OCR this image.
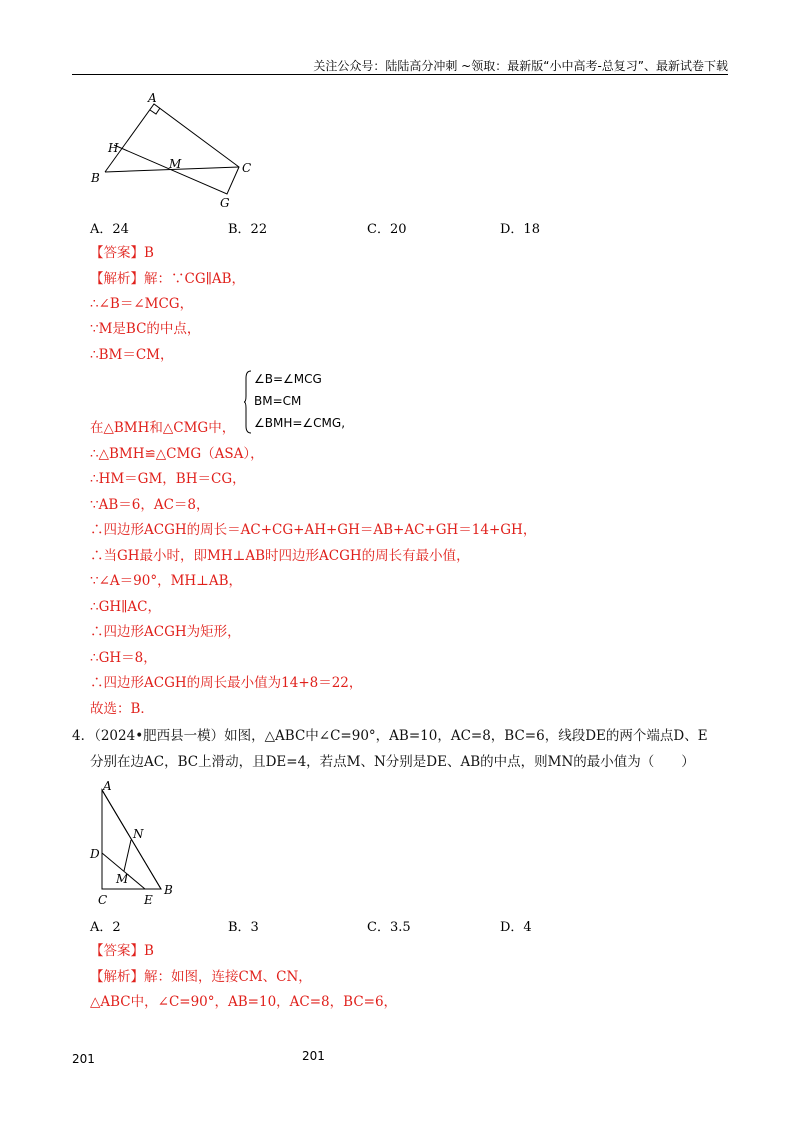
关注公众号：陆陆高分冲刺 ~领取：最新版“小中高考-总复习”、最新试卷下载
A
H
M	C
B
G
A．24	B．22	C．20	D．18
【答案】B
【解析】解：∵CG∥AB，
∴∠B＝∠MCG，
∵M是BC的中点，
∴BM＝CM，
∠B=∠MCG
BM=CM
∠BMH=∠CMG,
在△BMH和△CMG中，
∴△BMH≌△CMG（ASA），
∴HM＝GM，BH＝CG，
∵AB＝6，AC＝8，
∴四边形ACGH的周长＝AC+CG+AH+GH＝AB+AC+GH＝14+GH，
∴当GH最小时，即MH⊥AB时四边形ACGH的周长有最小值，
∵∠A＝90°，MH⊥AB，
∴GH∥AC，
∴四边形ACGH为矩形，
∴GH＝8，
∴四边形ACGH的周长最小值为14+8＝22，
故选：B．
4．（2024•肥西县一模）如图，△ABC中∠C=90°，AB=10，AC=8，BC=6，线段DE的两个端点D、E
分别在边AC，BC上滑动，且DE=4，若点M、N分别是DE、AB的中点，则MN的最小值为（　　）
A
N
D
M
C	E
B
A．2	B．3	C．3.5	D．4
【答案】B
【解析】解：如图，连接CM、CN，
△ABC中，∠C=90°，AB=10，AC=8，BC=6，
201	201
